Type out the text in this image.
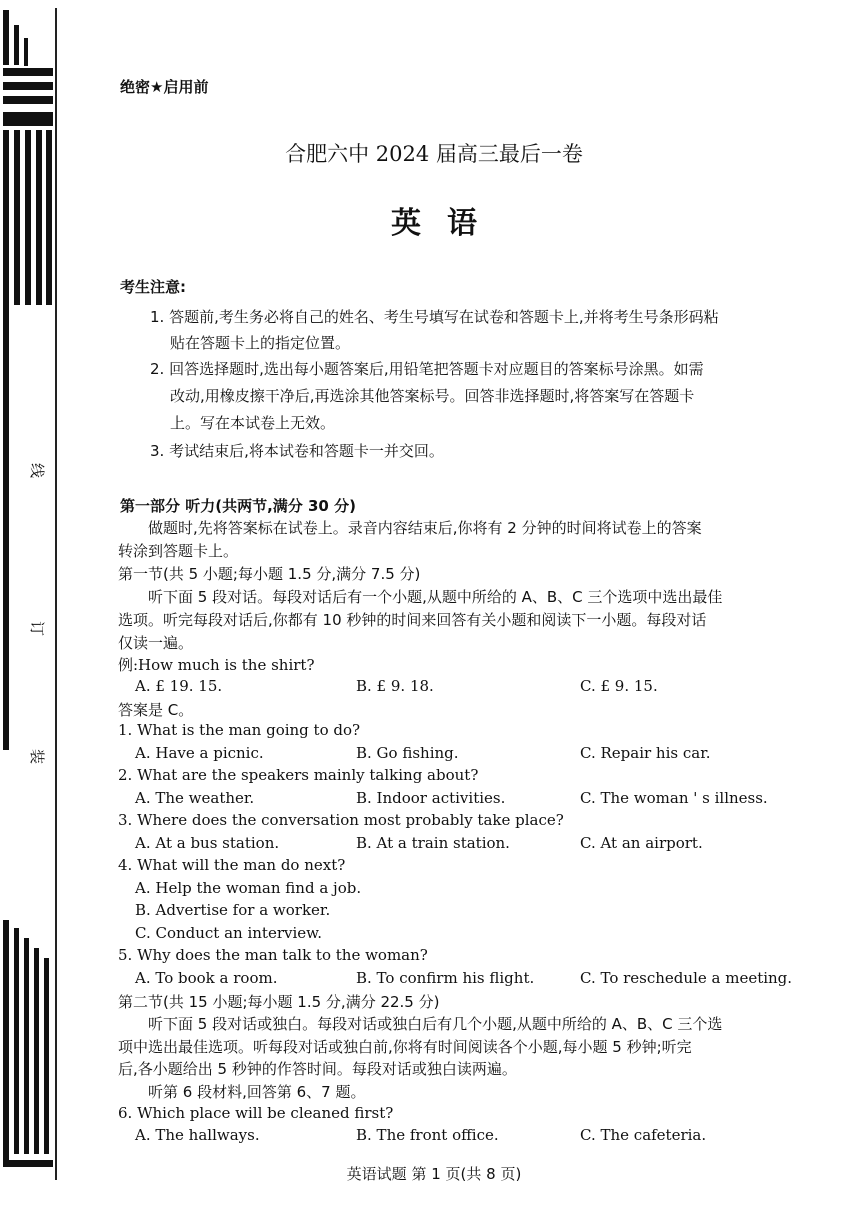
线
订
装
绝密★启用前
合肥六中 2024 届高三最后一卷
英语
考生注意:
1. 答题前,考生务必将自己的姓名、考生号填写在试卷和答题卡上,并将考生号条形码粘
贴在答题卡上的指定位置。
2. 回答选择题时,选出每小题答案后,用铅笔把答题卡对应题目的答案标号涂黑。如需
改动,用橡皮擦干净后,再选涂其他答案标号。回答非选择题时,将答案写在答题卡
上。写在本试卷上无效。
3. 考试结束后,将本试卷和答题卡一并交回。
第一部分 听力(共两节,满分 30 分)
做题时,先将答案标在试卷上。录音内容结束后,你将有 2 分钟的时间将试卷上的答案
转涂到答题卡上。
第一节(共 5 小题;每小题 1.5 分,满分 7.5 分)
听下面 5 段对话。每段对话后有一个小题,从题中所给的 A、B、C 三个选项中选出最佳
选项。听完每段对话后,你都有 10 秒钟的时间来回答有关小题和阅读下一小题。每段对话
仅读一遍。
例:How much is the shirt?
A. £ 19. 15.	B. £ 9. 18.	C. £ 9. 15.
答案是 C。
1. What is the man going to do?
A. Have a picnic.	B. Go fishing.	C. Repair his car.
2. What are the speakers mainly talking about?
A. The weather.	B. Indoor activities.	C. The woman ' s illness.
3. Where does the conversation most probably take place?
A. At a bus station.	B. At a train station.	C. At an airport.
4. What will the man do next?
A. Help the woman find a job.
B. Advertise for a worker.
C. Conduct an interview.
5. Why does the man talk to the woman?
A. To book a room.	B. To confirm his flight.	C. To reschedule a meeting.
第二节(共 15 小题;每小题 1.5 分,满分 22.5 分)
听下面 5 段对话或独白。每段对话或独白后有几个小题,从题中所给的 A、B、C 三个选
项中选出最佳选项。听每段对话或独白前,你将有时间阅读各个小题,每小题 5 秒钟;听完
后,各小题给出 5 秒钟的作答时间。每段对话或独白读两遍。
听第 6 段材料,回答第 6、7 题。
6. Which place will be cleaned first?
A. The hallways.	B. The front office.	C. The cafeteria.
英语试题 第 1 页(共 8 页)
